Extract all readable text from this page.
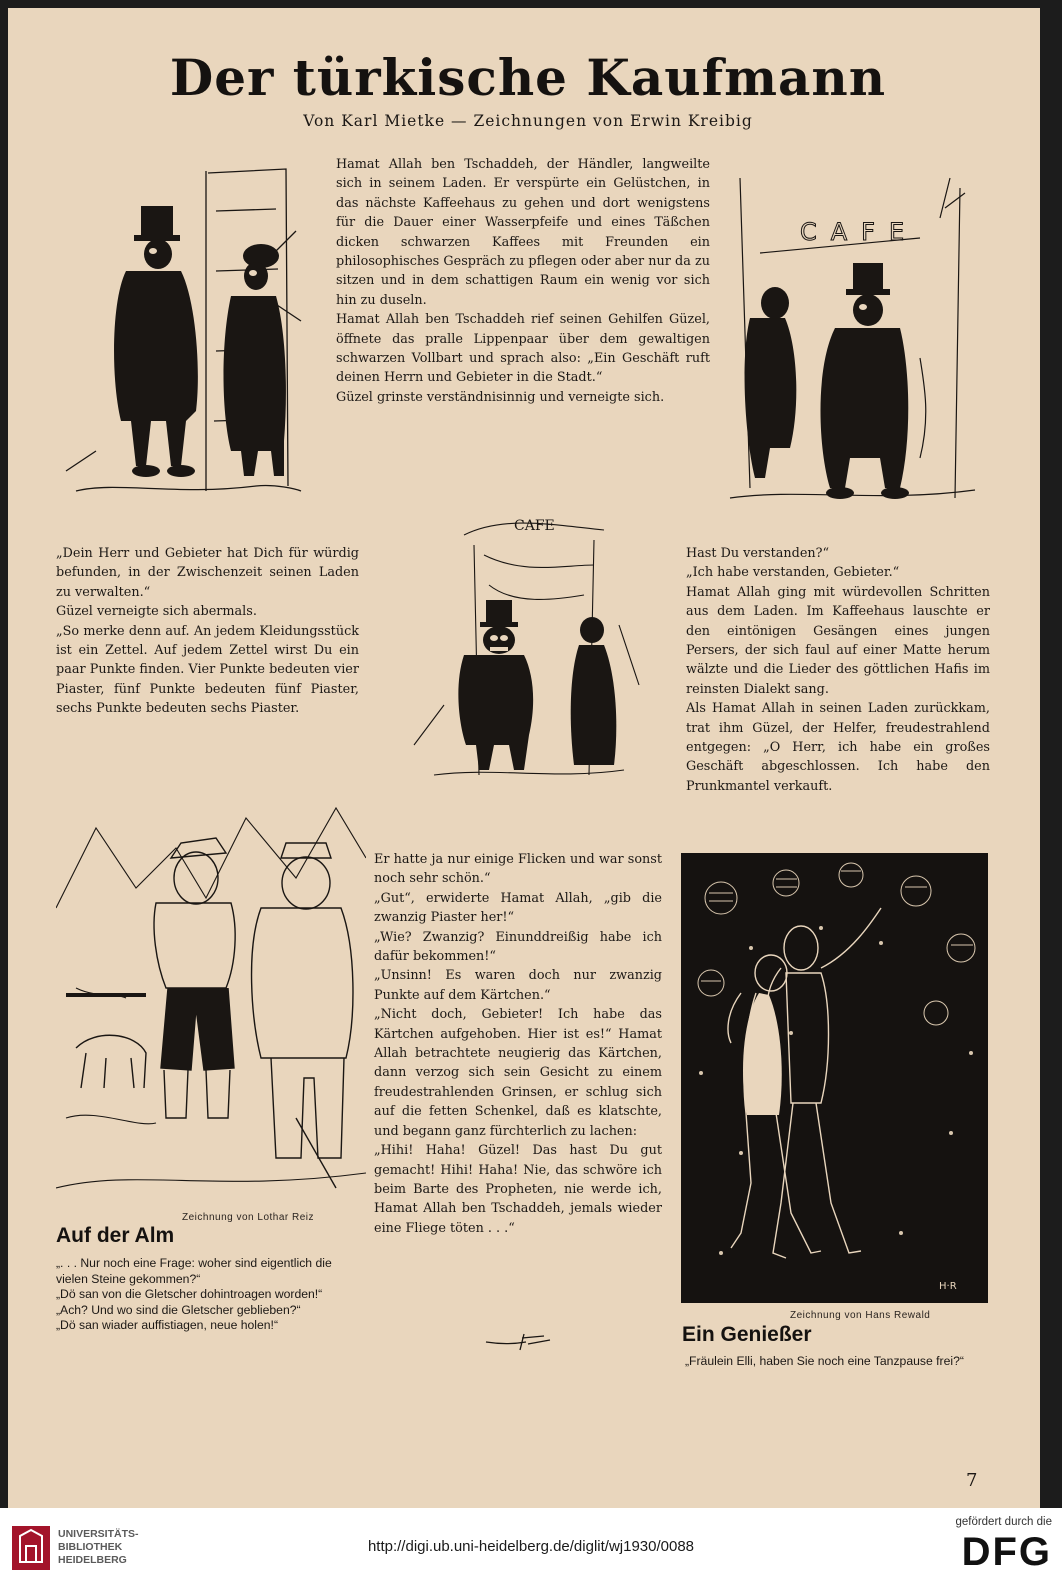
Der türkische Kaufmann
Von Karl Mietke — Zeichnungen von Erwin Kreibig
CAFE

Hamat Allah ben Tschaddeh, der Händler, langweilte sich in seinem Laden. Er verspürte ein Gelüstchen, in das nächste Kaffeehaus zu gehen und dort wenigstens für die Dauer einer Wasserpfeife und eines Täßchen dicken schwarzen Kaffees mit Freunden ein philosophisches Gespräch zu pflegen oder aber nur da zu sitzen und in dem schattigen Raum ein wenig vor sich hin zu duseln.

Hamat Allah ben Tschaddeh rief seinen Gehilfen Güzel, öffnete das pralle Lippenpaar über dem gewaltigen schwarzen Vollbart und sprach also: „Ein Geschäft ruft deinen Herrn und Gebieter in die Stadt.“

Güzel grinste verständnisinnig und verneigte sich.

„Dein Herr und Gebieter hat Dich für würdig befunden, in der Zwischenzeit seinen Laden zu verwalten.“

Güzel verneigte sich abermals.

„So merke denn auf. An jedem Kleidungsstück ist ein Zettel. Auf jedem Zettel wirst Du ein paar Punkte finden. Vier Punkte bedeuten vier Piaster, fünf Punkte bedeuten fünf Piaster, sechs Punkte bedeuten sechs Piaster.

CAFE

Hast Du verstanden?“

„Ich habe verstanden, Gebieter.“

Hamat Allah ging mit würdevollen Schritten aus dem Laden. Im Kaffeehaus lauschte er den eintönigen Gesängen eines jungen Persers, der sich faul auf einer Matte herum wälzte und die Lieder des göttlichen Hafis im reinsten Dialekt sang.

Als Hamat Allah in seinen Laden zurückkam, trat ihm Güzel, der Helfer, freudestrahlend entgegen: „O Herr, ich habe ein großes Geschäft abgeschlossen. Ich habe den Prunkmantel verkauft.

Zeichnung von Lothar Reiz
Auf der Alm
„. . . Nur noch eine Frage: woher sind eigentlich die vielen Steine gekommen?“
„Dö san von die Gletscher dohintroagen worden!“
„Ach? Und wo sind die Gletscher geblieben?“
„Dö san wiader auffistiagen, neue holen!“

Er hatte ja nur einige Flicken und war sonst noch sehr schön.“

„Gut“, erwiderte Hamat Allah, „gib die zwanzig Piaster her!“

„Wie? Zwanzig? Einunddreißig habe ich dafür bekommen!“

„Unsinn! Es waren doch nur zwanzig Punkte auf dem Kärtchen.“

„Nicht doch, Gebieter! Ich habe das Kärtchen aufgehoben. Hier ist es!“ Hamat Allah betrachtete neugierig das Kärtchen, dann verzog sich sein Gesicht zu einem freudestrahlenden Grinsen, er schlug sich auf die fetten Schenkel, daß es klatschte, und begann ganz fürchterlich zu lachen:

„Hihi! Haha! Güzel! Das hast Du gut gemacht! Hihi! Haha! Nie, das schwöre ich beim Barte des Propheten, nie werde ich, Hamat Allah ben Tschaddeh, jemals wieder eine Fliege töten . . .“

H·R
Zeichnung von Hans Rewald
Ein Genießer
„Fräulein Elli, haben Sie noch eine Tanzpause frei?“
7
UNIVERSITÄTS-
BIBLIOTHEK
HEIDELBERG
http://digi.ub.uni-heidelberg.de/diglit/wj1930/0088
gefördert durch die
DFG
